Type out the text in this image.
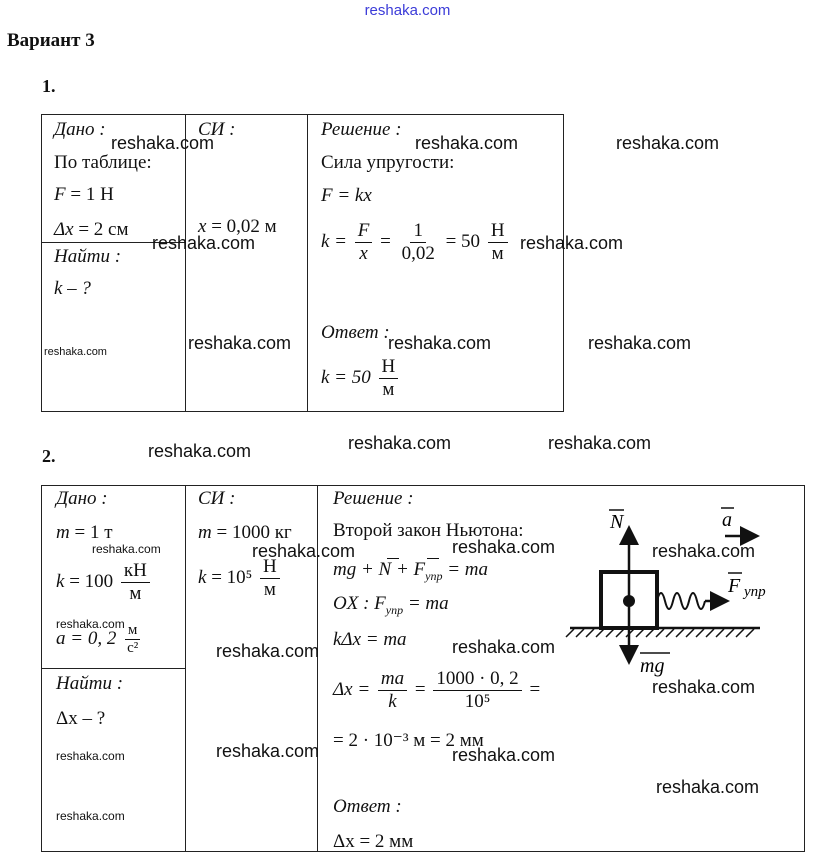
reshaka.com
Вариант 3
1.

Дано :
По таблице:
F = 1 Н
Δx = 2 см
Найти :
k – ?
СИ :
x = 0,02 м
Решение :
Сила упругости:
F = kx
$k = \frac{F}{x} = \frac{1}{0,02} = 50 \frac{Н}{м}$
Ответ :
$k = 50 \frac{Н}{м}$
2.

Дано :
m = 1 т
$k = 100 \frac{кН}{м}$
a = 0, $2 \frac{м}{\text{с²}}$
Найти :
Δx – ?
СИ :
m = 1000 кг
$k = 10^5 \frac{Н}{м}$
Решение :
Второй закон Ньютона:
mg + $N + F_{упр}$ = ma
OX : $F_{упр}$ = ma
kΔx = ma
$\Delta x = \frac{ma}{k} = \frac{1000 \cdot 0, 2}{\text{10⁵}}$ =
= 2 · 10⁻³ м = 2 мм
Ответ :
Δx = 2 мм
N
mg
F упр
a
reshaka.com	reshaka.com	reshaka.com
reshaka.com	reshaka.com
reshaka.com	reshaka.com	reshaka.com	reshaka.com
reshaka.com	reshaka.com
reshaka.com
reshaka.com	reshaka.com	reshaka.com	reshaka.com
reshaka.com
reshaka.com	reshaka.com
reshaka.com
reshaka.com
reshaka.com	reshaka.com
reshaka.com
reshaka.com
